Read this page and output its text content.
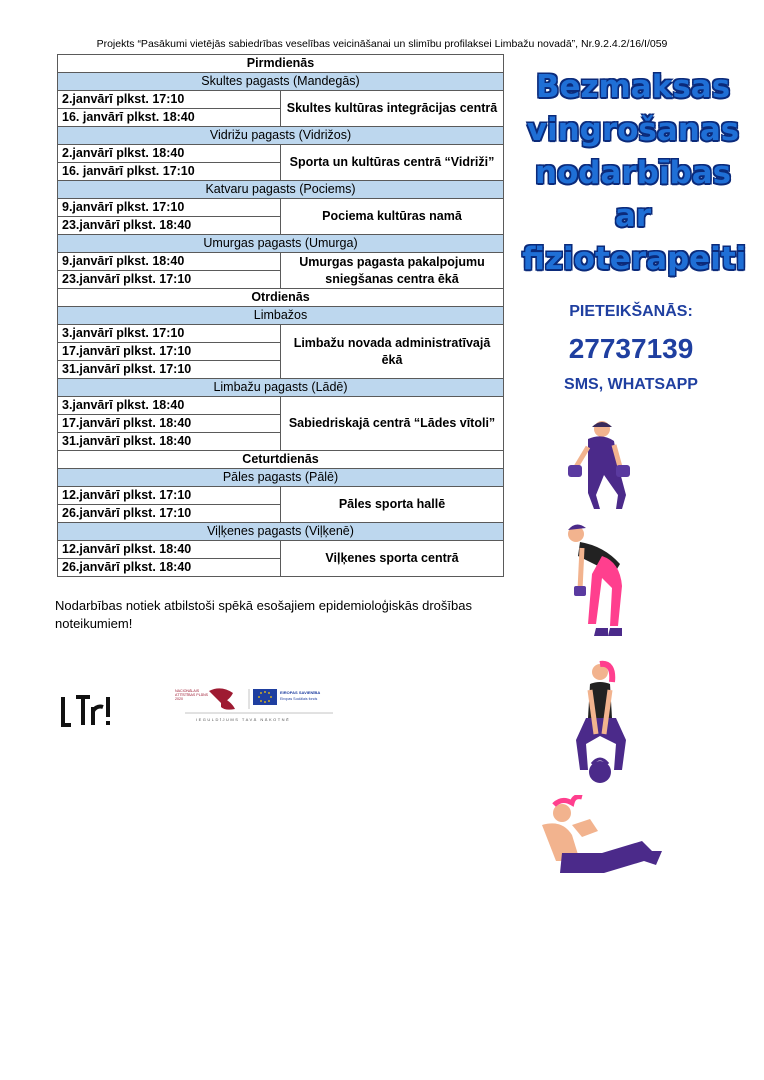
Projekts “Pasākumi vietējās sabiedrības veselības veicināšanai un slimību profilaksei Limbažu novadā”, Nr.9.2.4.2/16/I/059
Pirmdienās	
Skultes pagasts (Mandegās)	
2.janvārī plkst. 17:10	Skultes kultūras integrācijas centrā
16. janvārī plkst. 18:40	
Vidrižu pagasts (Vidrižos)	
2.janvārī plkst. 18:40	Sporta un kultūras centrā “Vidriži”
16. janvārī plkst. 17:10	
Katvaru pagasts (Pociems)	
9.janvārī plkst. 17:10	Pociema kultūras namā
23.janvārī plkst. 18:40	
Umurgas pagasts (Umurga)	
9.janvārī plkst. 18:40	Umurgas pagasta pakalpojumu sniegšanas centra ēkā
23.janvārī plkst. 17:10	
Otrdienās	
Limbažos	
3.janvārī plkst. 17:10	Limbažu novada administratīvajā ēkā
17.janvārī plkst. 17:10	
31.janvārī plkst. 17:10	
Limbažu pagasts (Lādē)	
3.janvārī plkst. 18:40	Sabiedriskajā centrā “Lādes vītoli”
17.janvārī plkst. 18:40	
31.janvārī plkst. 18:40	
Ceturtdienās	
Pāles pagasts (Pālē)	
12.janvārī plkst. 17:10	Pāles sporta hallē
26.janvārī plkst. 17:10	
Viļķenes pagasts (Viļķenē)	
12.janvārī plkst. 18:40	Viļķenes sporta centrā
26.janvārī plkst. 18:40	
Nodarbības notiek atbilstoši spēkā esošajiem epidemioloģiskās drošības noteikumiem!
Bezmaksas
vingrošanas
nodarbības
ar
fizioterapeiti
PIETEIKŠANĀS:
27737139
SMS, WHATSAPP
NACIONĀLAIS ATTĪSTĪBAS PLĀNS 2020
EIROPAS SAVIENĪBA
Eiropas Sociālais fonds
IEGULDĪJUMS TAVĀ NĀKOTNĒ
